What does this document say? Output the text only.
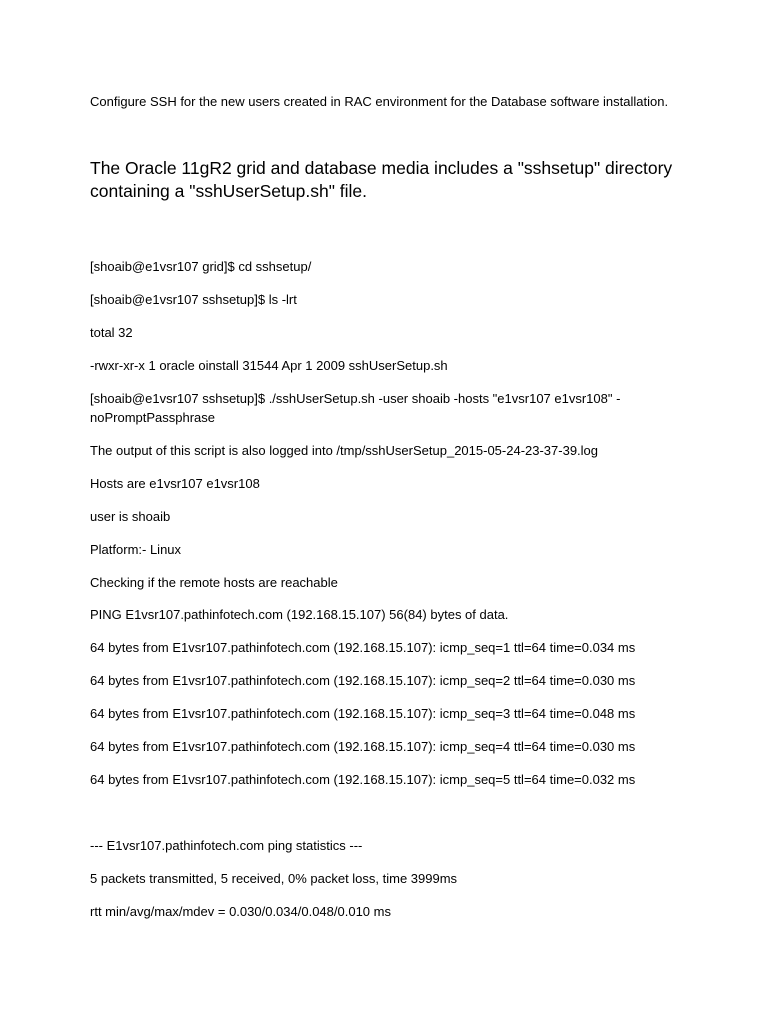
Configure SSH for the new users created in RAC environment for the Database software installation.
The Oracle 11gR2 grid and database media includes a "sshsetup" directory
containing a "sshUserSetup.sh" file.
[shoaib@e1vsr107 grid]$ cd sshsetup/
[shoaib@e1vsr107 sshsetup]$ ls -lrt
total 32
-rwxr-xr-x 1 oracle oinstall 31544 Apr 1 2009 sshUserSetup.sh
[shoaib@e1vsr107 sshsetup]$ ./sshUserSetup.sh -user shoaib -hosts "e1vsr107 e1vsr108" -noPromptPassphrase
The output of this script is also logged into /tmp/sshUserSetup_2015-05-24-23-37-39.log
Hosts are e1vsr107 e1vsr108
user is shoaib
Platform:- Linux
Checking if the remote hosts are reachable
PING E1vsr107.pathinfotech.com (192.168.15.107) 56(84) bytes of data.
64 bytes from E1vsr107.pathinfotech.com (192.168.15.107): icmp_seq=1 ttl=64 time=0.034 ms
64 bytes from E1vsr107.pathinfotech.com (192.168.15.107): icmp_seq=2 ttl=64 time=0.030 ms
64 bytes from E1vsr107.pathinfotech.com (192.168.15.107): icmp_seq=3 ttl=64 time=0.048 ms
64 bytes from E1vsr107.pathinfotech.com (192.168.15.107): icmp_seq=4 ttl=64 time=0.030 ms
64 bytes from E1vsr107.pathinfotech.com (192.168.15.107): icmp_seq=5 ttl=64 time=0.032 ms
--- E1vsr107.pathinfotech.com ping statistics ---
5 packets transmitted, 5 received, 0% packet loss, time 3999ms
rtt min/avg/max/mdev = 0.030/0.034/0.048/0.010 ms
